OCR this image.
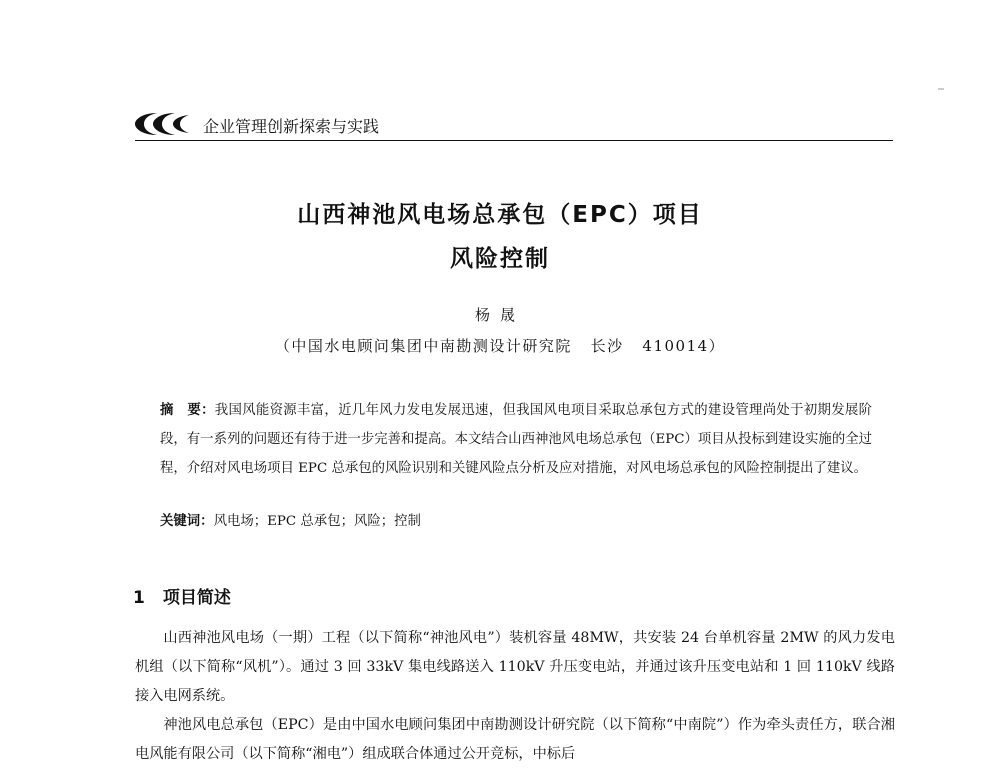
企业管理创新探索与实践
山西神池风电场总承包（EPC）项目
风险控制
杨晟
（中国水电顾问集团中南勘测设计研究院   长沙   410014）
摘　要：我国风能资源丰富，近几年风力发电发展迅速，但我国风电项目采取总承包方式的建设管理尚处于初期发展阶段，有一系列的问题还有待于进一步完善和提高。本文结合山西神池风电场总承包（EPC）项目从投标到建设实施的全过程，介绍对风电场项目 EPC 总承包的风险识别和关键风险点分析及应对措施，对风电场总承包的风险控制提出了建议。
关键词：风电场；EPC 总承包；风险；控制
1 项目简述

山西神池风电场（一期）工程（以下简称“神池风电”）装机容量 48MW，共安装 24 台单机容量 2MW 的风力发电机组（以下简称“风机”）。通过 3 回 33kV 集电线路送入 110kV 升压变电站，并通过该升压变电站和 1 回 110kV 线路接入电网系统。

神池风电总承包（EPC）是由中国水电顾问集团中南勘测设计研究院（以下简称“中南院”）作为牵头责任方，联合湘电风能有限公司（以下简称“湘电”）组成联合体通过公开竞标，中标后
